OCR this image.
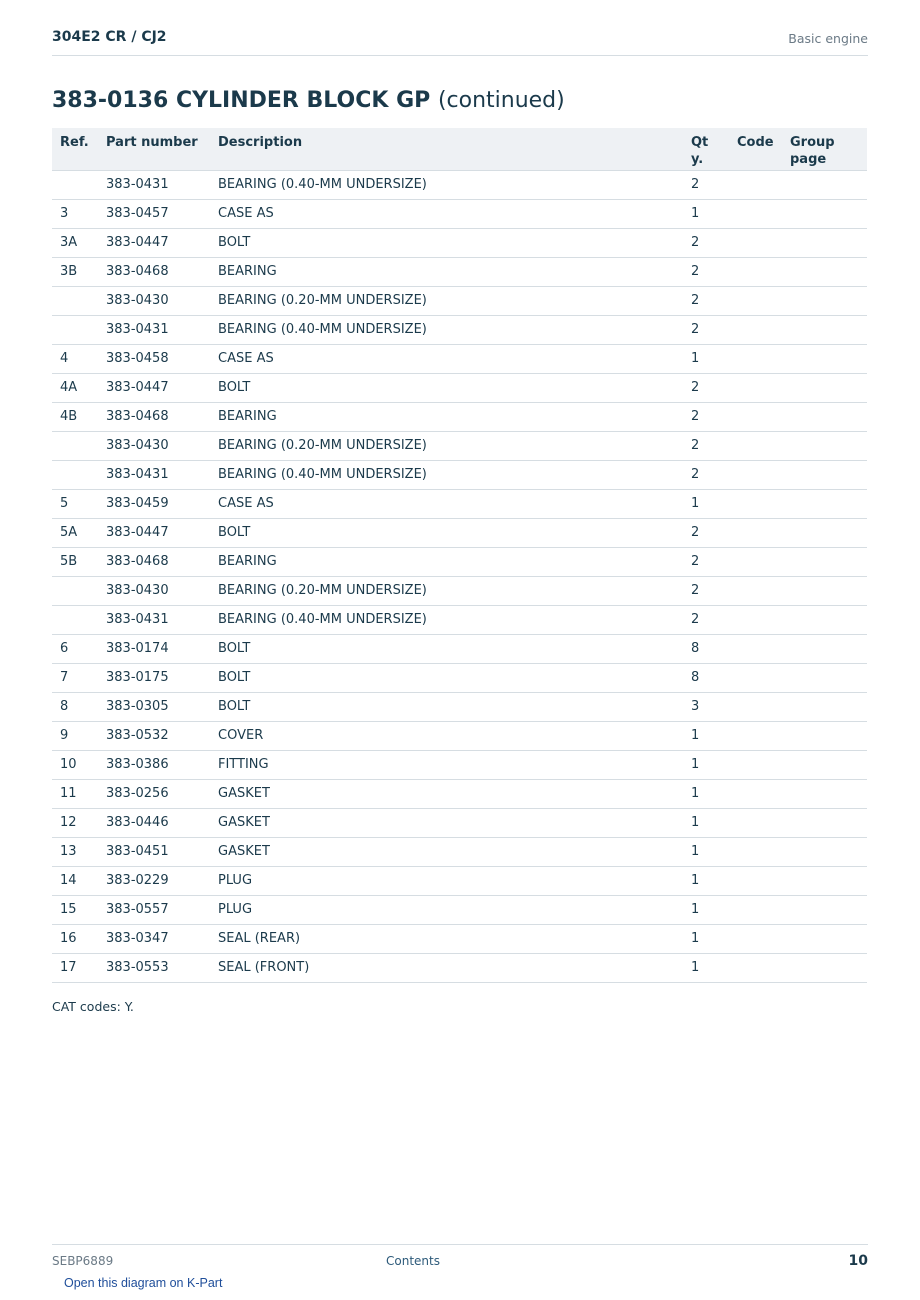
304E2 CR / CJ2	Basic engine
383-0136 CYLINDER BLOCK GP (continued)
Ref.	Part number	Description	Qty.	Code	Group page
	383-0431	BEARING (0.40-MM UNDERSIZE)	2		
3	383-0457	CASE AS	1		
3A	383-0447	BOLT	2		
3B	383-0468	BEARING	2		
	383-0430	BEARING (0.20-MM UNDERSIZE)	2		
	383-0431	BEARING (0.40-MM UNDERSIZE)	2		
4	383-0458	CASE AS	1		
4A	383-0447	BOLT	2		
4B	383-0468	BEARING	2		
	383-0430	BEARING (0.20-MM UNDERSIZE)	2		
	383-0431	BEARING (0.40-MM UNDERSIZE)	2		
5	383-0459	CASE AS	1		
5A	383-0447	BOLT	2		
5B	383-0468	BEARING	2		
	383-0430	BEARING (0.20-MM UNDERSIZE)	2		
	383-0431	BEARING (0.40-MM UNDERSIZE)	2		
6	383-0174	BOLT	8		
7	383-0175	BOLT	8		
8	383-0305	BOLT	3		
9	383-0532	COVER	1		
10	383-0386	FITTING	1		
11	383-0256	GASKET	1		
12	383-0446	GASKET	1		
13	383-0451	GASKET	1		
14	383-0229	PLUG	1		
15	383-0557	PLUG	1		
16	383-0347	SEAL (REAR)	1		
17	383-0553	SEAL (FRONT)	1		
CAT codes: Y.
SEBP6889	Contents	10
Open this diagram on K-Part
